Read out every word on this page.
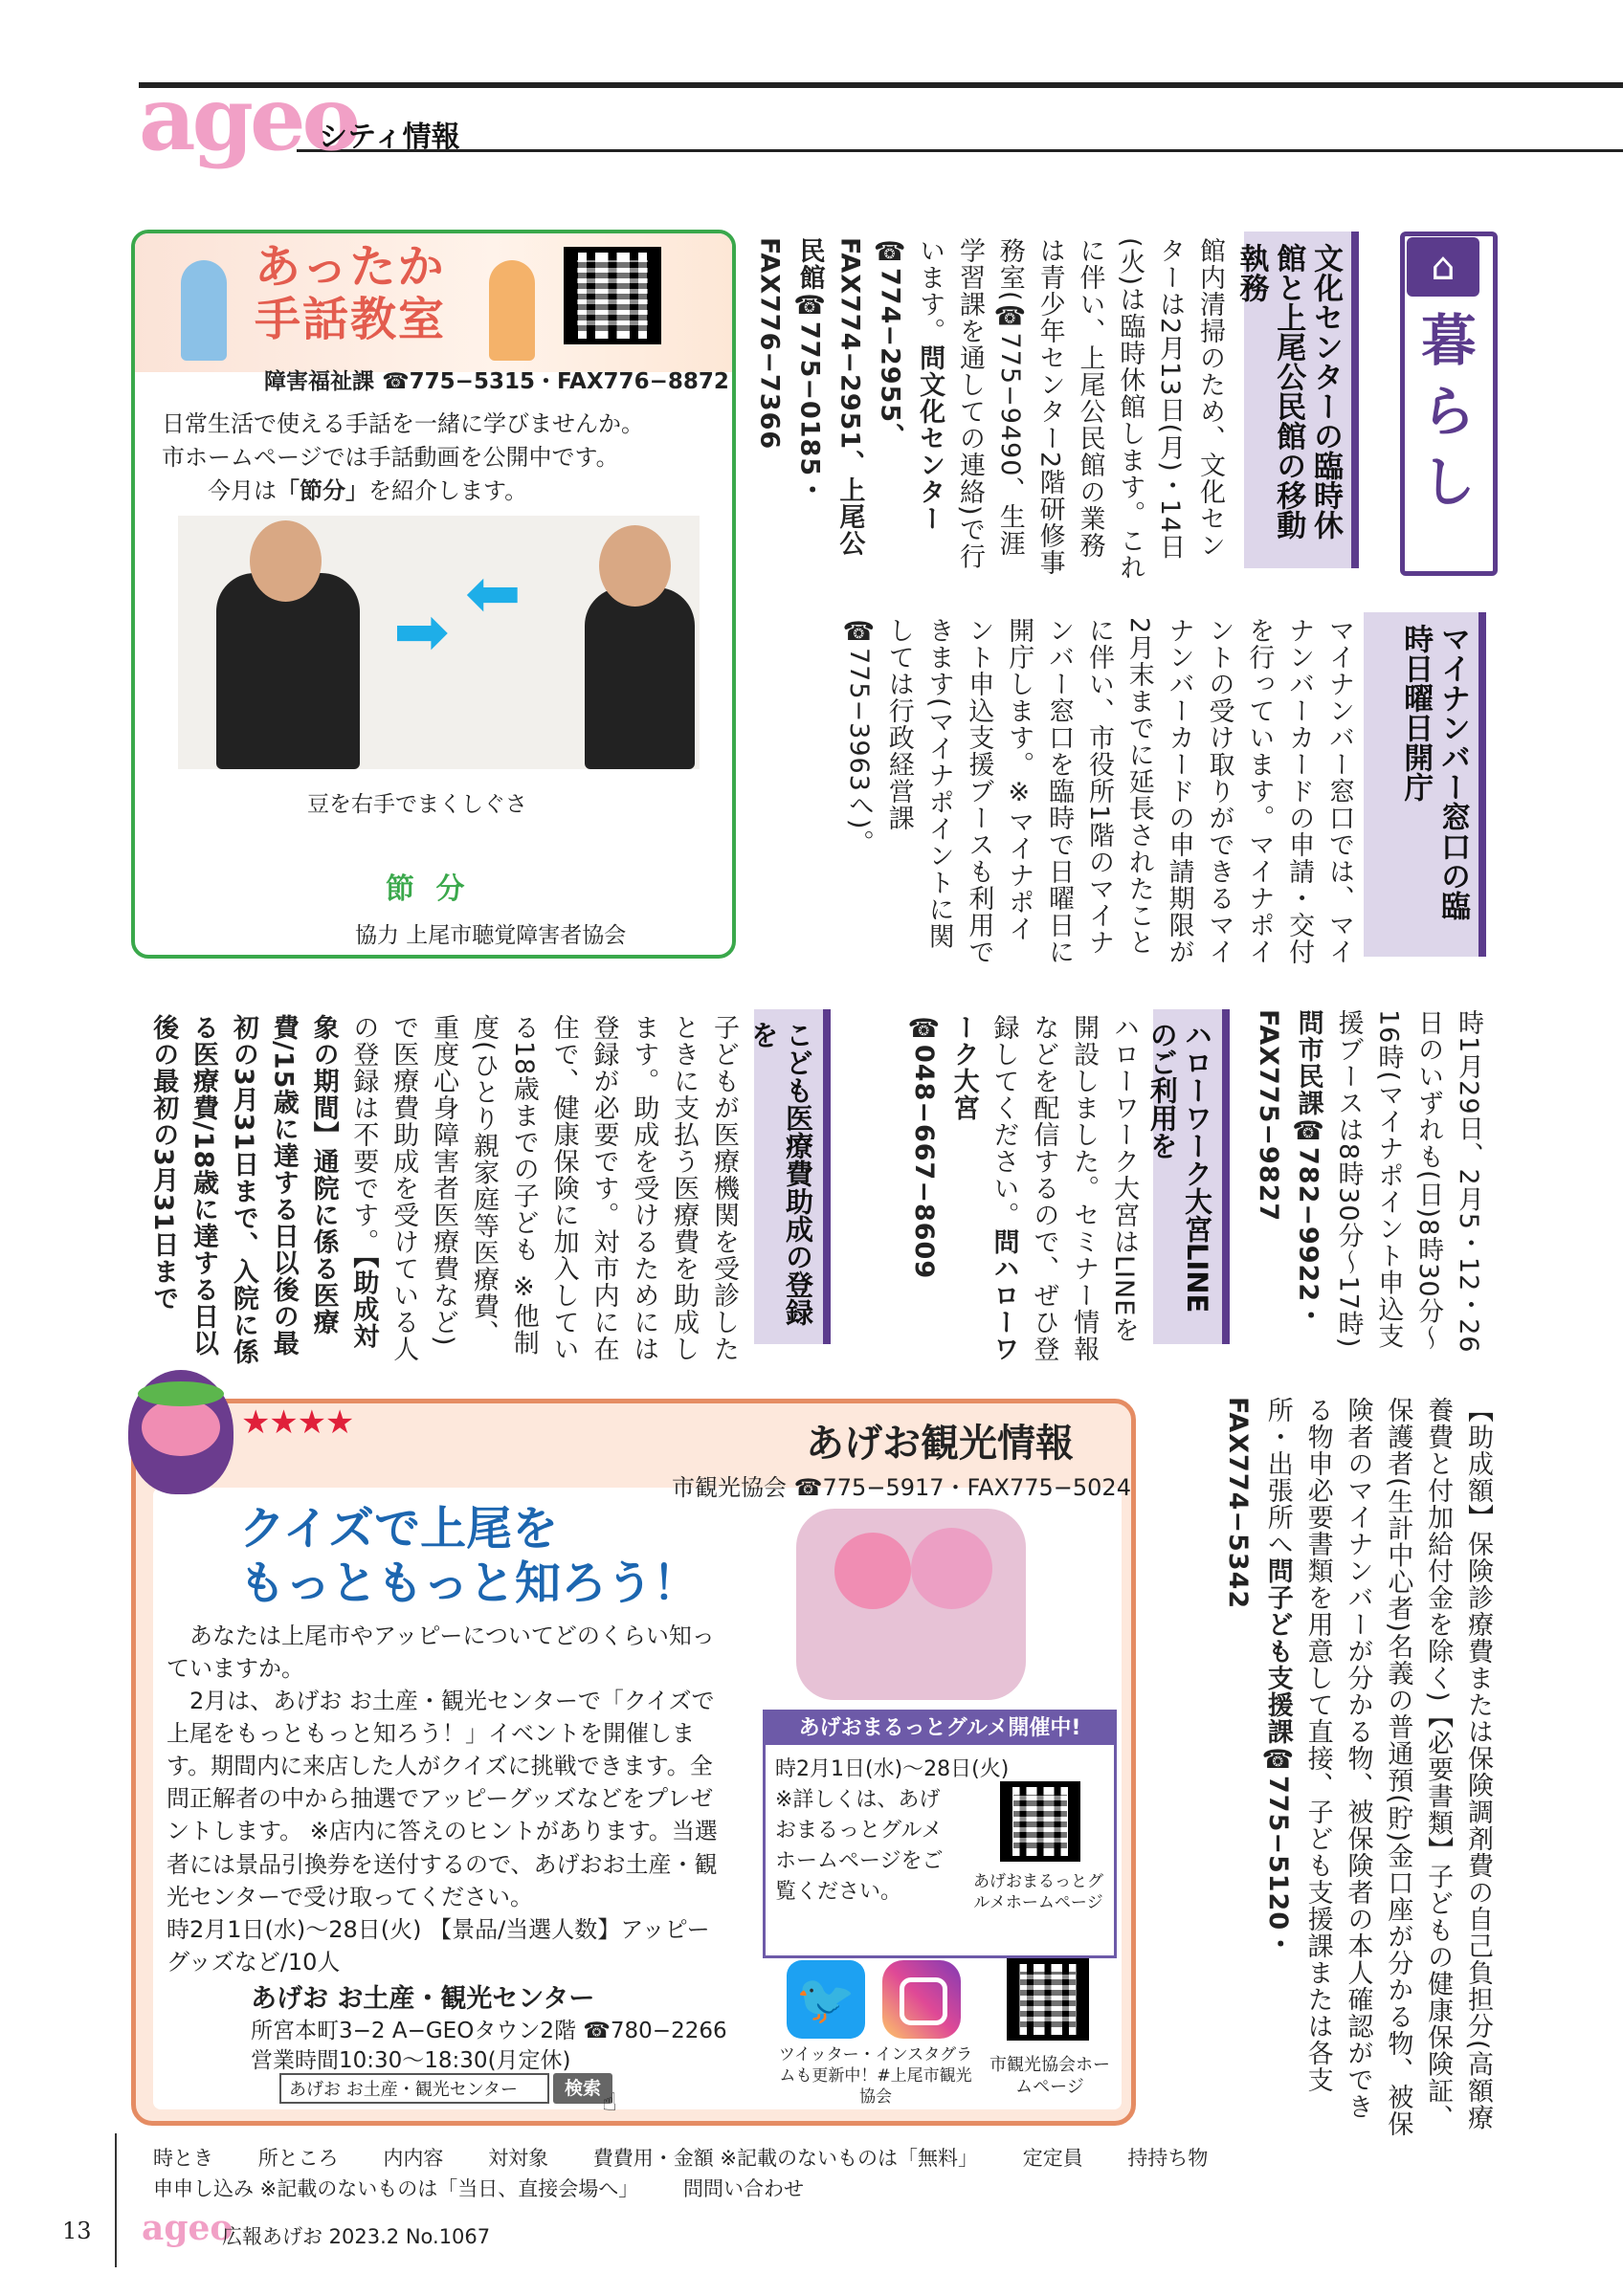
ageo
シティ情報
⌂
暮らし
文化センターの臨時休館と上尾公民館の移動執務
館内清掃のため、文化センターは2月13日(月)・14日(火)は臨時休館します。これに伴い、上尾公民館の業務は青少年センター2階研修事務室(☎775−9490、生涯学習課を通しての連絡)で行います。問文化センター☎774−2955、FAX774−2951、上尾公民館☎775−0185・FAX776−7366
マイナンバー窓口の臨時日曜日開庁
マイナンバー窓口では、マイナンバーカードの申請・交付を行っています。マイナポイントの受け取りができるマイナンバーカードの申請期限が2月末までに延長されたことに伴い、市役所1階のマイナンバー窓口を臨時で日曜日に開庁します。※マイナポイント申込支援ブースも利用できます(マイナポイントに関しては行政経営課☎775−3963へ)。
時1月29日、2月5・12・26日のいずれも(日)8時30分〜16時(マイナポイント申込支援ブースは8時30分〜17時)問市民課☎782−9922・FAX775−9827
ハローワーク大宮LINEのご利用を
ハローワーク大宮はLINEを開設しました。セミナー情報などを配信するので、ぜひ登録してください。問ハローワーク大宮☎048−667−8609
こども医療費助成の登録を
子どもが医療機関を受診したときに支払う医療費を助成します。助成を受けるためには登録が必要です。対市内に在住で、健康保険に加入している18歳までの子ども ※他制度(ひとり親家庭等医療費、重度心身障害者医療費など)で医療費助成を受けている人の登録は不要です。【助成対象の期間】通院に係る医療費/15歳に達する日以後の最初の3月31日まで、入院に係る医療費/18歳に達する日以後の最初の3月31日まで
【助成額】保険診療費または保険調剤費の自己負担分(高額療養費と付加給付金を除く)【必要書類】子どもの健康保険証、保護者(生計中心者)名義の普通預(貯)金口座が分かる物、被保険者のマイナンバーが分かる物、被保険者の本人確認ができる物申必要書類を用意して直接、子ども支援課または各支所・出張所へ問子ども支援課☎775−5120・FAX774−5342
あったか
手話教室
障害福祉課 ☎775−5315・FAX776−8872
日常生活で使える手話を一緒に学びませんか。
市ホームページでは手話動画を公開中です。
今月は「節分」を紹介します。
➡ ⬅
豆を右手でまくしぐさ
節 分
協力 上尾市聴覚障害者協会
★ ★ ★ ★	あげお観光情報
市観光協会 ☎775−5917・FAX775−5024
クイズで上尾を
もっともっと知ろう！
あなたは上尾市やアッピーについてどのくらい知っていますか。
2月は、あげお お土産・観光センターで「クイズで上尾をもっともっと知ろう！」イベントを開催します。期間内に来店した人がクイズに挑戦できます。全問正解者の中から抽選でアッピーグッズなどをプレゼントします。 ※店内に答えのヒントがあります。当選者には景品引換券を送付するので、あげおお土産・観光センターで受け取ってください。
時2月1日(水)〜28日(火) 【景品/当選人数】アッピーグッズなど/10人
あげおまるっとグルメ開催中!
時2月1日(水)〜28日(火)
※詳しくは、あげおまるっとグルメホームページをご覧ください。	あげおまるっとグルメホームページ
🐦
ツイッター・インスタグラムも更新中！#上尾市観光協会
市観光協会ホームページ
あげお お土産・観光センター
所宮本町3−2 A−GEOタウン2階 ☎780−2266
営業時間10:30〜18:30(月定休)
あげお お土産・観光センター	検索 ☝
時とき 所ところ 内内容 対対象 費費用・金額 ※記載のないものは「無料」 定定員 持持ち物
申申し込み ※記載のないものは「当日、直接会場へ」 問問い合わせ
13 ageo
広報あげお 2023.2 No.1067
